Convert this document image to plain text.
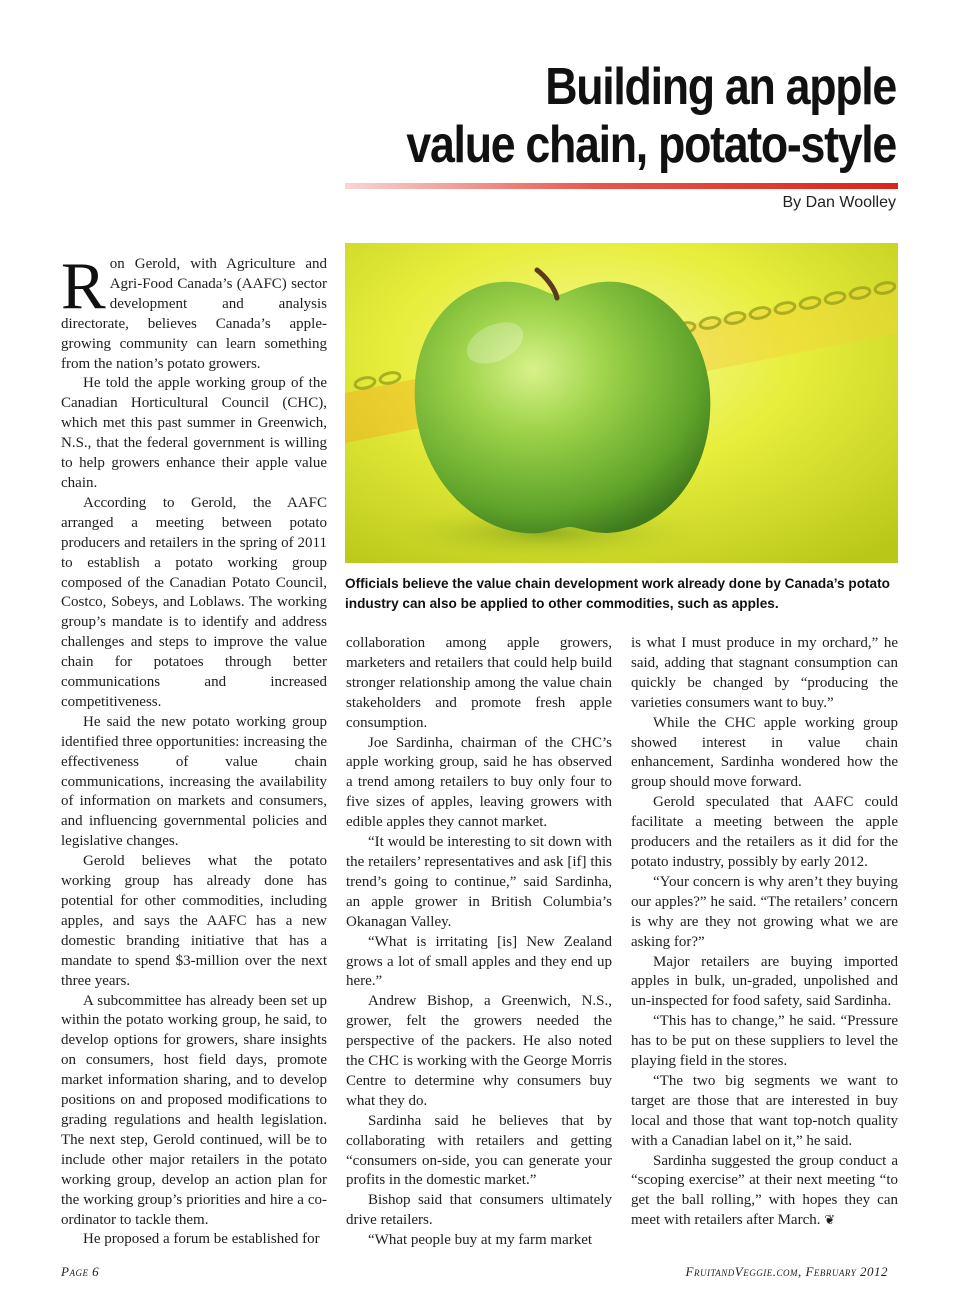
Building an apple
value chain, potato-style
By Dan Woolley
Officials believe the value chain development work already done by Canada’s potato industry can also be applied to other commodities, such as apples.

Ron Gerold, with Agriculture and Agri-Food Canada’s (AAFC) sector development and analysis directorate, believes Canada’s apple-growing community can learn something from the nation’s potato growers.

He told the apple working group of the Canadian Horticultural Council (CHC), which met this past summer in Greenwich, N.S., that the federal government is willing to help growers enhance their apple value chain.

According to Gerold, the AAFC arranged a meeting between potato producers and retailers in the spring of 2011 to establish a potato working group composed of the Canadian Potato Council, Costco, Sobeys, and Loblaws. The working group’s mandate is to identify and address challenges and steps to improve the value chain for potatoes through better communications and increased competitiveness.

He said the new potato working group identified three opportunities: increasing the effectiveness of value chain communications, increasing the availability of information on markets and consumers, and influencing governmental policies and legislative changes.

Gerold believes what the potato working group has already done has potential for other commodities, including apples, and says the AAFC has a new domestic branding initiative that has a mandate to spend $3-million over the next three years.

A subcommittee has already been set up within the potato working group, he said, to develop options for growers, share insights on consumers, host field days, promote market information sharing, and to develop positions on and proposed modifications to grading regulations and health legislation. The next step, Gerold continued, will be to include other major retailers in the potato working group, develop an action plan for the working group’s priorities and hire a co-ordinator to tackle them.

He proposed a forum be established for

collaboration among apple growers, marketers and retailers that could help build stronger relationship among the value chain stakeholders and promote fresh apple consumption.

Joe Sardinha, chairman of the CHC’s apple working group, said he has observed a trend among retailers to buy only four to five sizes of apples, leaving growers with edible apples they cannot market.

“It would be interesting to sit down with the retailers’ representatives and ask [if] this trend’s going to continue,” said Sardinha, an apple grower in British Columbia’s Okanagan Valley.

“What is irritating [is] New Zealand grows a lot of small apples and they end up here.”

Andrew Bishop, a Greenwich, N.S., grower, felt the growers needed the perspective of the packers. He also noted the CHC is working with the George Morris Centre to determine why consumers buy what they do.

Sardinha said he believes that by collaborating with retailers and getting “consumers on-side, you can generate your profits in the domestic market.”

Bishop said that consumers ultimately drive retailers.

“What people buy at my farm market

is what I must produce in my orchard,” he said, adding that stagnant consumption can quickly be changed by “producing the varieties consumers want to buy.”

While the CHC apple working group showed interest in value chain enhancement, Sardinha wondered how the group should move forward.

Gerold speculated that AAFC could facilitate a meeting between the apple producers and the retailers as it did for the potato industry, possibly by early 2012.

“Your concern is why aren’t they buying our apples?” he said. “The retailers’ concern is why are they not growing what we are asking for?”

Major retailers are buying imported apples in bulk, un-graded, unpolished and un-inspected for food safety, said Sardinha.

“This has to change,” he said. “Pressure has to be put on these suppliers to level the playing field in the stores.

“The two big segments we want to target are those that are interested in buy local and those that want top-notch quality with a Canadian label on it,” he said.

Sardinha suggested the group conduct a “scoping exercise” at their next meeting “to get the ball rolling,” with hopes they can meet with retailers after March. ❦

Page 6	FruitandVeggie.com, February 2012
